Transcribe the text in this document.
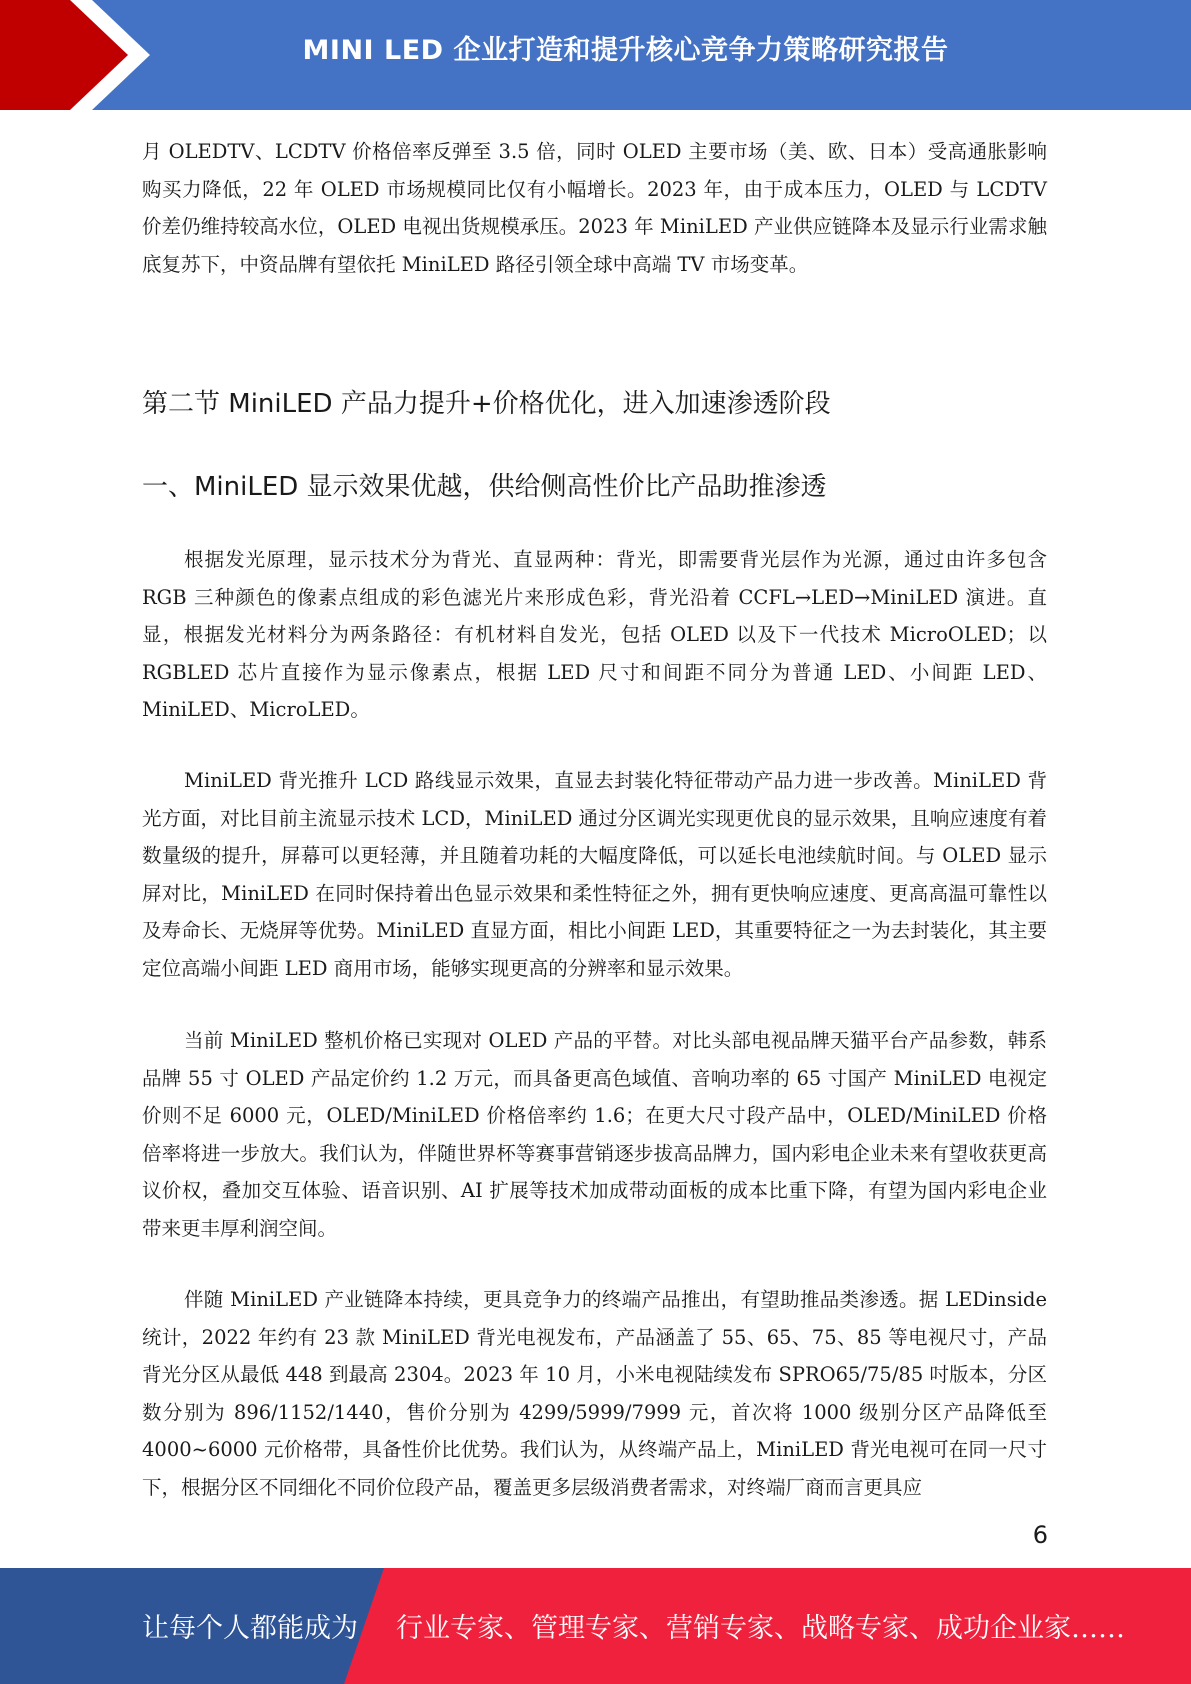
MINI LED 企业打造和提升核心竞争力策略研究报告

月 OLEDTV、LCDTV 价格倍率反弹至 3.5 倍，同时 OLED 主要市场（美、欧、日本）受高通胀影响购买力降低，22 年 OLED 市场规模同比仅有小幅增长。2023 年，由于成本压力，OLED 与 LCDTV 价差仍维持较高水位，OLED 电视出货规模承压。2023 年 MiniLED 产业供应链降本及显示行业需求触底复苏下，中资品牌有望依托 MiniLED 路径引领全球中高端 TV 市场变革。

第二节 MiniLED 产品力提升+价格优化，进入加速渗透阶段
一、MiniLED 显示效果优越，供给侧高性价比产品助推渗透

根据发光原理，显示技术分为背光、直显两种：背光，即需要背光层作为光源，通过由许多包含 RGB 三种颜色的像素点组成的彩色滤光片来形成色彩，背光沿着 CCFL→LED→MiniLED 演进。直显，根据发光材料分为两条路径：有机材料自发光，包括 OLED 以及下一代技术 MicroOLED；以 RGBLED 芯片直接作为显示像素点，根据 LED 尺寸和间距不同分为普通 LED、小间距 LED、MiniLED、MicroLED。

MiniLED 背光推升 LCD 路线显示效果，直显去封装化特征带动产品力进一步改善。MiniLED 背光方面，对比目前主流显示技术 LCD，MiniLED 通过分区调光实现更优良的显示效果，且响应速度有着数量级的提升，屏幕可以更轻薄，并且随着功耗的大幅度降低，可以延长电池续航时间。与 OLED 显示屏对比，MiniLED 在同时保持着出色显示效果和柔性特征之外，拥有更快响应速度、更高高温可靠性以及寿命长、无烧屏等优势。MiniLED 直显方面，相比小间距 LED，其重要特征之一为去封装化，其主要定位高端小间距 LED 商用市场，能够实现更高的分辨率和显示效果。

当前 MiniLED 整机价格已实现对 OLED 产品的平替。对比头部电视品牌天猫平台产品参数，韩系品牌 55 寸 OLED 产品定价约 1.2 万元，而具备更高色域值、音响功率的 65 寸国产 MiniLED 电视定价则不足 6000 元，OLED/MiniLED 价格倍率约 1.6；在更大尺寸段产品中，OLED/MiniLED 价格倍率将进一步放大。我们认为，伴随世界杯等赛事营销逐步拔高品牌力，国内彩电企业未来有望收获更高议价权，叠加交互体验、语音识别、AI 扩展等技术加成带动面板的成本比重下降，有望为国内彩电企业带来更丰厚利润空间。

伴随 MiniLED 产业链降本持续，更具竞争力的终端产品推出，有望助推品类渗透。据 LEDinside 统计，2022 年约有 23 款 MiniLED 背光电视发布，产品涵盖了 55、65、75、85 等电视尺寸，产品背光分区从最低 448 到最高 2304。2023 年 10 月，小米电视陆续发布 SPRO65/75/85 吋版本，分区数分别为 896/1152/1440，售价分别为 4299/5999/7999 元，首次将 1000 级别分区产品降低至 4000~6000 元价格带，具备性价比优势。我们认为，从终端产品上，MiniLED 背光电视可在同一尺寸下，根据分区不同细化不同价位段产品，覆盖更多层级消费者需求，对终端厂商而言更具应

6
让每个人都能成为 行业专家、管理专家、营销专家、战略专家、成功企业家……
